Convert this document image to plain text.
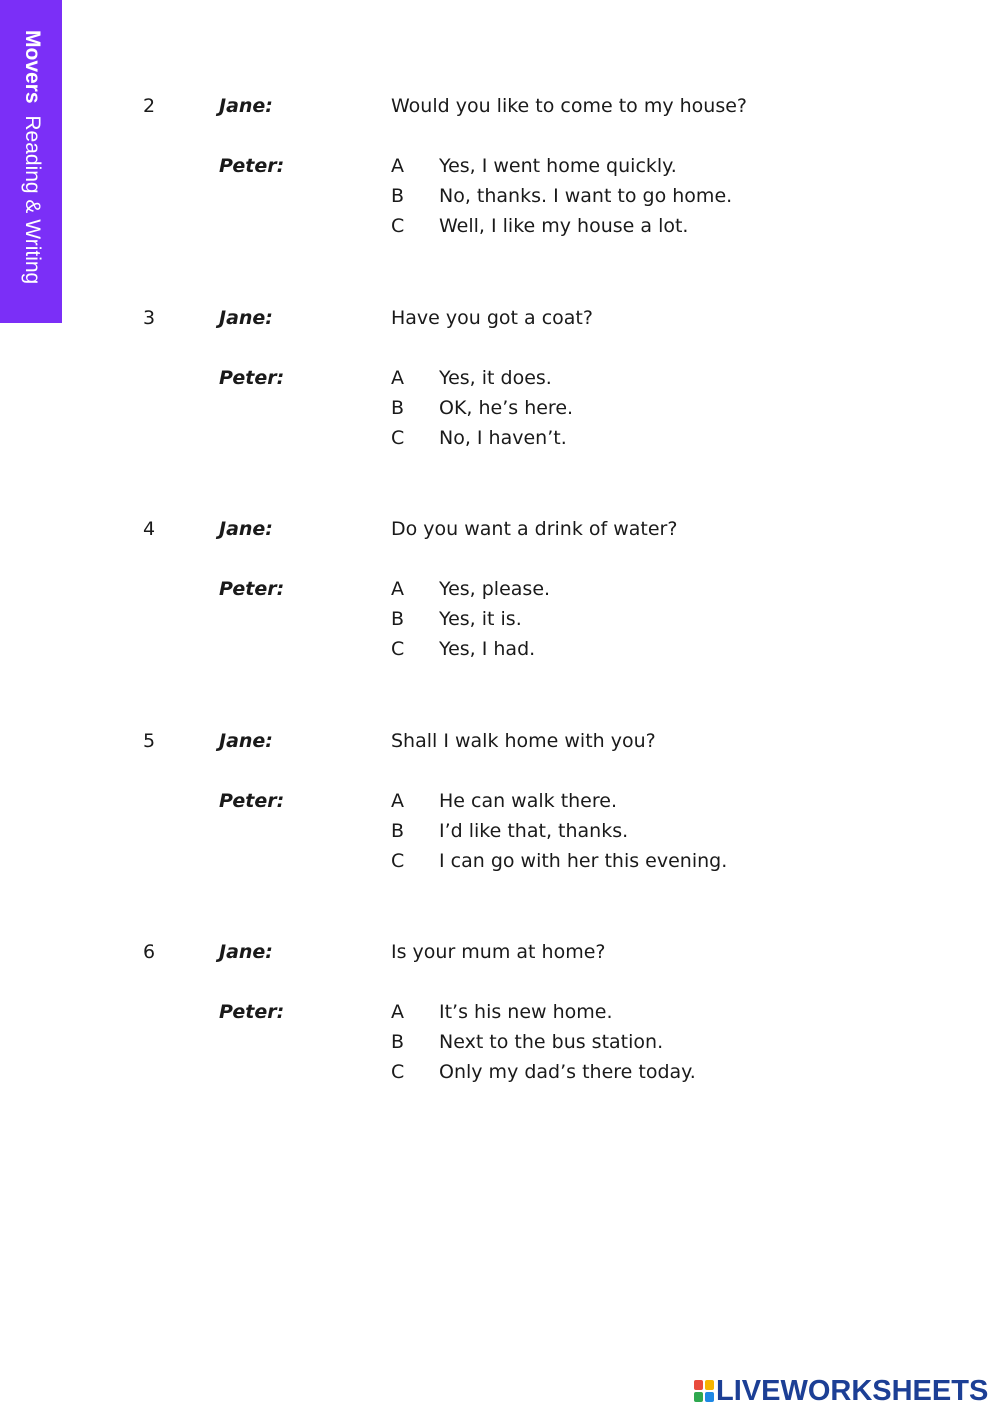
Movers Reading & Writing
2	Jane:	Would you like to come to my house?
Peter:	A Yes, I went home quickly.
B No, thanks. I want to go home.
C Well, I like my house a lot.
3	Jane:	Have you got a coat?
Peter:	A Yes, it does.
B OK, he’s here.
C No, I haven’t.
4	Jane:	Do you want a drink of water?
Peter:	A Yes, please.
B Yes, it is.
C Yes, I had.
5	Jane:	Shall I walk home with you?
Peter:	A He can walk there.
B I’d like that, thanks.
C I can go with her this evening.
6	Jane:	Is your mum at home?
Peter:	A It’s his new home.
B Next to the bus station.
C Only my dad’s there today.
LIVEWORKSHEETS
